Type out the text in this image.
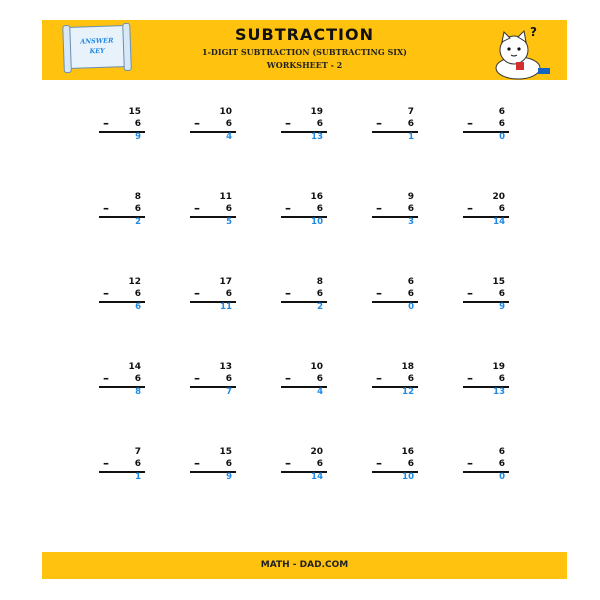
ANSWER
KEY
SUBTRACTION
1-DIGIT SUBTRACTION (SUBTRACTING SIX)
WORKSHEET - 2
?
15
–	6
9
10
–	6
4
19
–	6
13
7
–	6
1
6
–	6
0
8
–	6
2
11
–	6
5
16
–	6
10
9
–	6
3
20
–	6
14
12
–	6
6
17
–	6
11
8
–	6
2
6
–	6
0
15
–	6
9
14
–	6
8
13
–	6
7
10
–	6
4
18
–	6
12
19
–	6
13
7
–	6
1
15
–	6
9
20
–	6
14
16
–	6
10
6
–	6
0
MATH - DAD.COM
